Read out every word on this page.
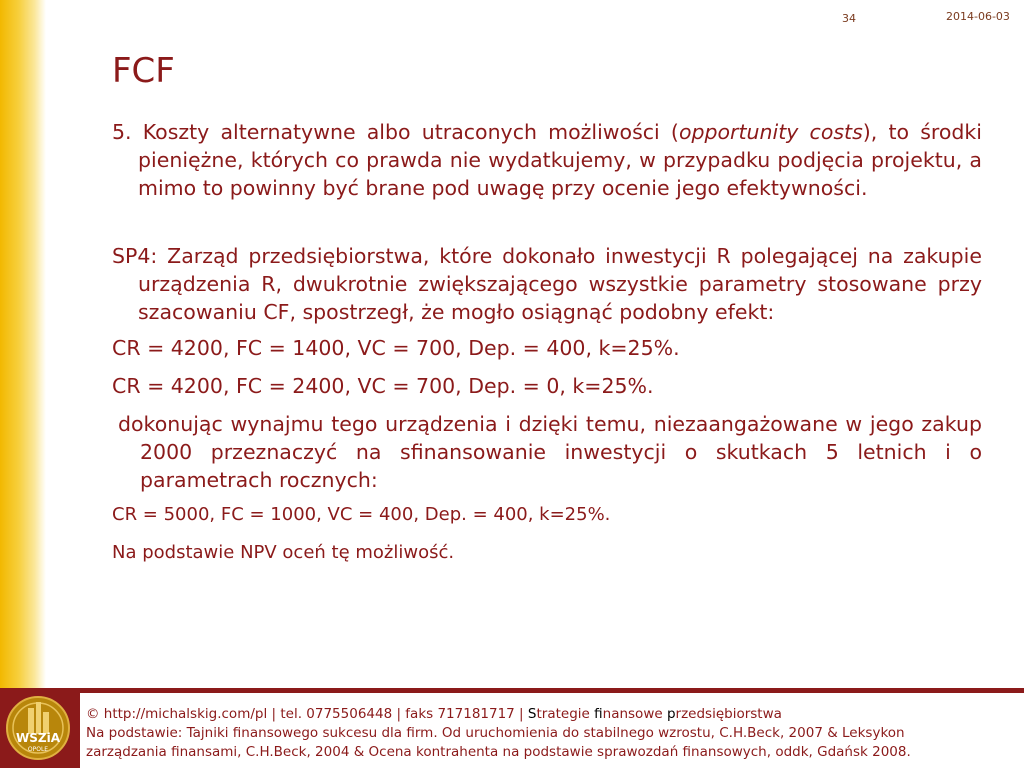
34	2014-06-03
FCF

5. Koszty alternatywne albo utraconych możliwości (opportunity costs), to środki pieniężne, których co prawda nie wydatkujemy, w przypadku podjęcia projektu, a mimo to powinny być brane pod uwagę przy ocenie jego efektywności.

SP4: Zarząd przedsiębiorstwa, które dokonało inwestycji R polegającej na zakupie urządzenia R, dwukrotnie zwiększającego wszystkie parametry stosowane przy szacowaniu CF, spostrzegł, że mogło osiągnąć podobny efekt:

CR = 4200, FC = 1400, VC = 700, Dep. = 400, k=25%.

CR = 4200, FC = 2400, VC = 700, Dep. = 0, k=25%.

dokonując wynajmu tego urządzenia i dzięki temu, niezaangażowane w jego zakup 2000 przeznaczyć na sfinansowanie inwestycji o skutkach 5 letnich i o parametrach rocznych:

CR = 5000, FC = 1000, VC = 400, Dep. = 400, k=25%.

Na podstawie NPV oceń tę możliwość.

WSZiA
OPOLE
© http://michalskig.com/pl | tel. 0775506448 | faks 717181717 | Strategie finansowe przedsiębiorstwa
Na podstawie: Tajniki finansowego sukcesu dla firm. Od uruchomienia do stabilnego wzrostu, C.H.Beck, 2007 & Leksykon
zarządzania finansami, C.H.Beck, 2004 & Ocena kontrahenta na podstawie sprawozdań finansowych, oddk, Gdańsk 2008.
